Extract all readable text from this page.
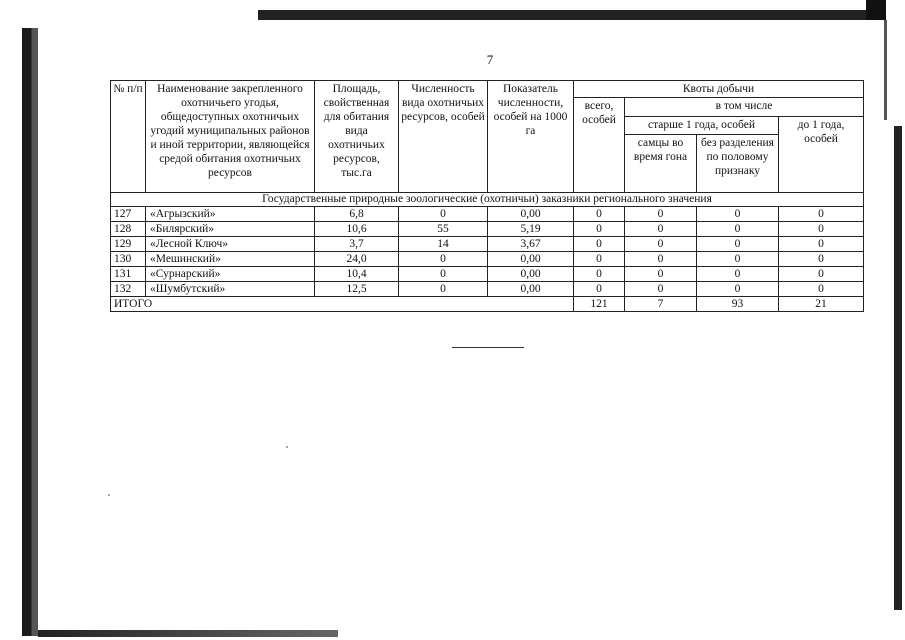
7
№ п/п	Наименование закрепленного охотничьего угодья, общедоступных охотничьих угодий муниципальных районов и иной территории, являющейся средой обитания охотничьих ресурсов	Площадь, свойственная для обитания вида охотничьих ресурсов, тыс.га	Численность вида охотничьих ресурсов, особей	Показатель численности, особей на 1000 га	Квоты добычи			
					всего, особей	в том числе		
						старше 1 года, особей		до 1 года, особей
						самцы во время гона	без разделения по половому признаку	
Государственные природные зоологические (охотничьи) заказники регионального значения								
127	«Агрызский»	6,8	0	0,00	0	0	0	0
128	«Билярский»	10,6	55	5,19	0	0	0	0
129	«Лесной Ключ»	3,7	14	3,67	0	0	0	0
130	«Мешинский»	24,0	0	0,00	0	0	0	0
131	«Сурнарский»	10,4	0	0,00	0	0	0	0
132	«Шумбутский»	12,5	0	0,00	0	0	0	0
ИТОГО					121	7	93	21
